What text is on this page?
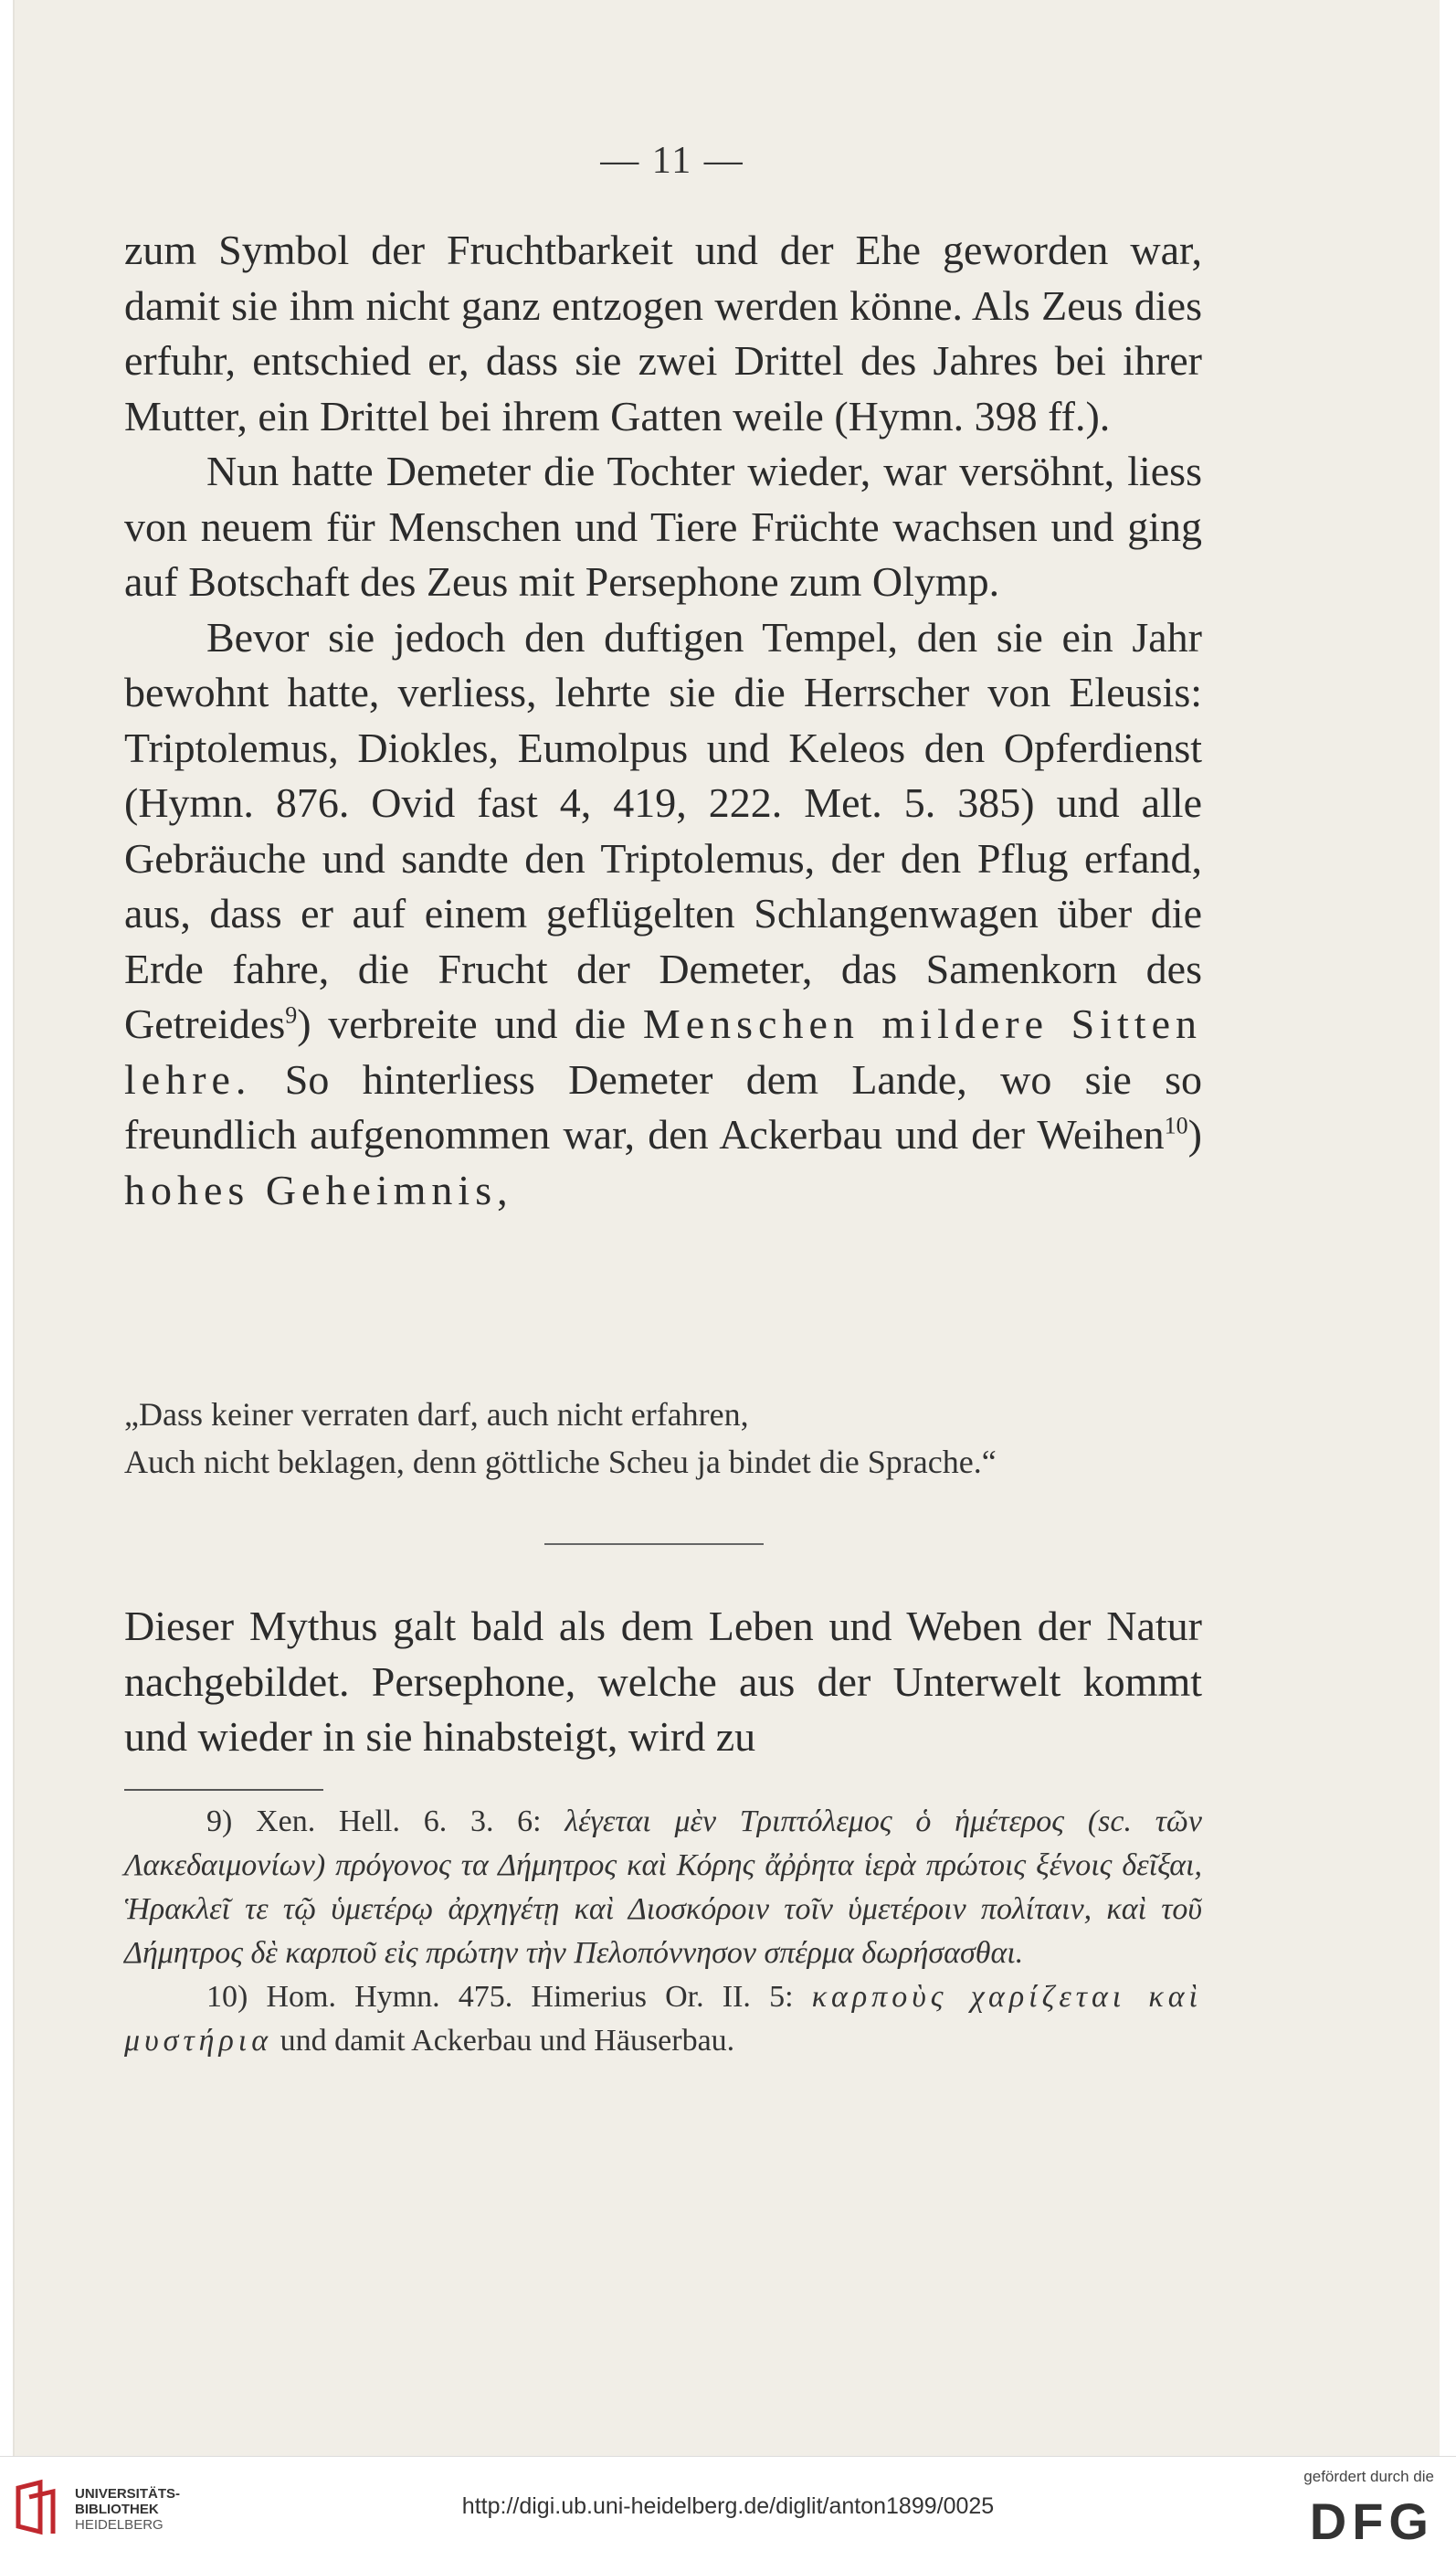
— 11 —

zum Symbol der Fruchtbarkeit und der Ehe geworden war, damit sie ihm nicht ganz entzogen werden könne. Als Zeus dies erfuhr, entschied er, dass sie zwei Drittel des Jahres bei ihrer Mutter, ein Drittel bei ihrem Gatten weile (Hymn. 398 ff.).

Nun hatte Demeter die Tochter wieder, war versöhnt, liess von neuem für Menschen und Tiere Früchte wachsen und ging auf Botschaft des Zeus mit Persephone zum Olymp.

Bevor sie jedoch den duftigen Tempel, den sie ein Jahr bewohnt hatte, verliess, lehrte sie die Herrscher von Eleusis: Triptolemus, Diokles, Eumolpus und Keleos den Opferdienst (Hymn. 876. Ovid fast 4, 419, 222. Met. 5. 385) und alle Gebräuche und sandte den Triptolemus, der den Pflug erfand, aus, dass er auf einem geflügelten Schlangenwagen über die Erde fahre, die Frucht der Demeter, das Samenkorn des Getreides$^9$) verbreite und die Menschen mildere Sitten lehre. So hinterliess Demeter dem Lande, wo sie so freundlich aufgenommen war, den Ackerbau und der Weihen$^{10}$) hohes Geheimnis,

„Dass keiner verraten darf, auch nicht erfahren,
Auch nicht beklagen, denn göttliche Scheu ja bindet die Sprache.“
Dieser Mythus galt bald als dem Leben und Weben der Natur nachgebildet. Persephone, welche aus der Unterwelt kommt und wieder in sie hinabsteigt, wird zu

9) Xen. Hell. 6. 3. 6: λέγεται μὲν Τριπτόλεμος ὁ ἡμέτερος (sc. τῶν Λακεδαιμονίων) πρόγονος τα Δήμητρος καὶ Κόρης ἄῤῥητα ἱερὰ πρώτοις ξένοις δεῖξαι, Ἡρακλεῖ τε τῷ ὑμετέρῳ ἀρχηγέτῃ καὶ Διοσκόροιν τοῖν ὑμετέροιν πολίταιν, καὶ τοῦ Δήμητρος δὲ καρποῦ εἰς πρώτην τὴν Πελοπόννησον σπέρμα δωρήσασθαι.

10) Hom. Hymn. 475. Himerius Or. II. 5: καρποὺς χαρίζεται καὶ μυστήρια und damit Ackerbau und Häuserbau.

UNIVERSITÄTS-
BIBLIOTHEK
HEIDELBERG
http://digi.ub.uni-heidelberg.de/diglit/anton1899/0025
gefördert durch die
DFG
